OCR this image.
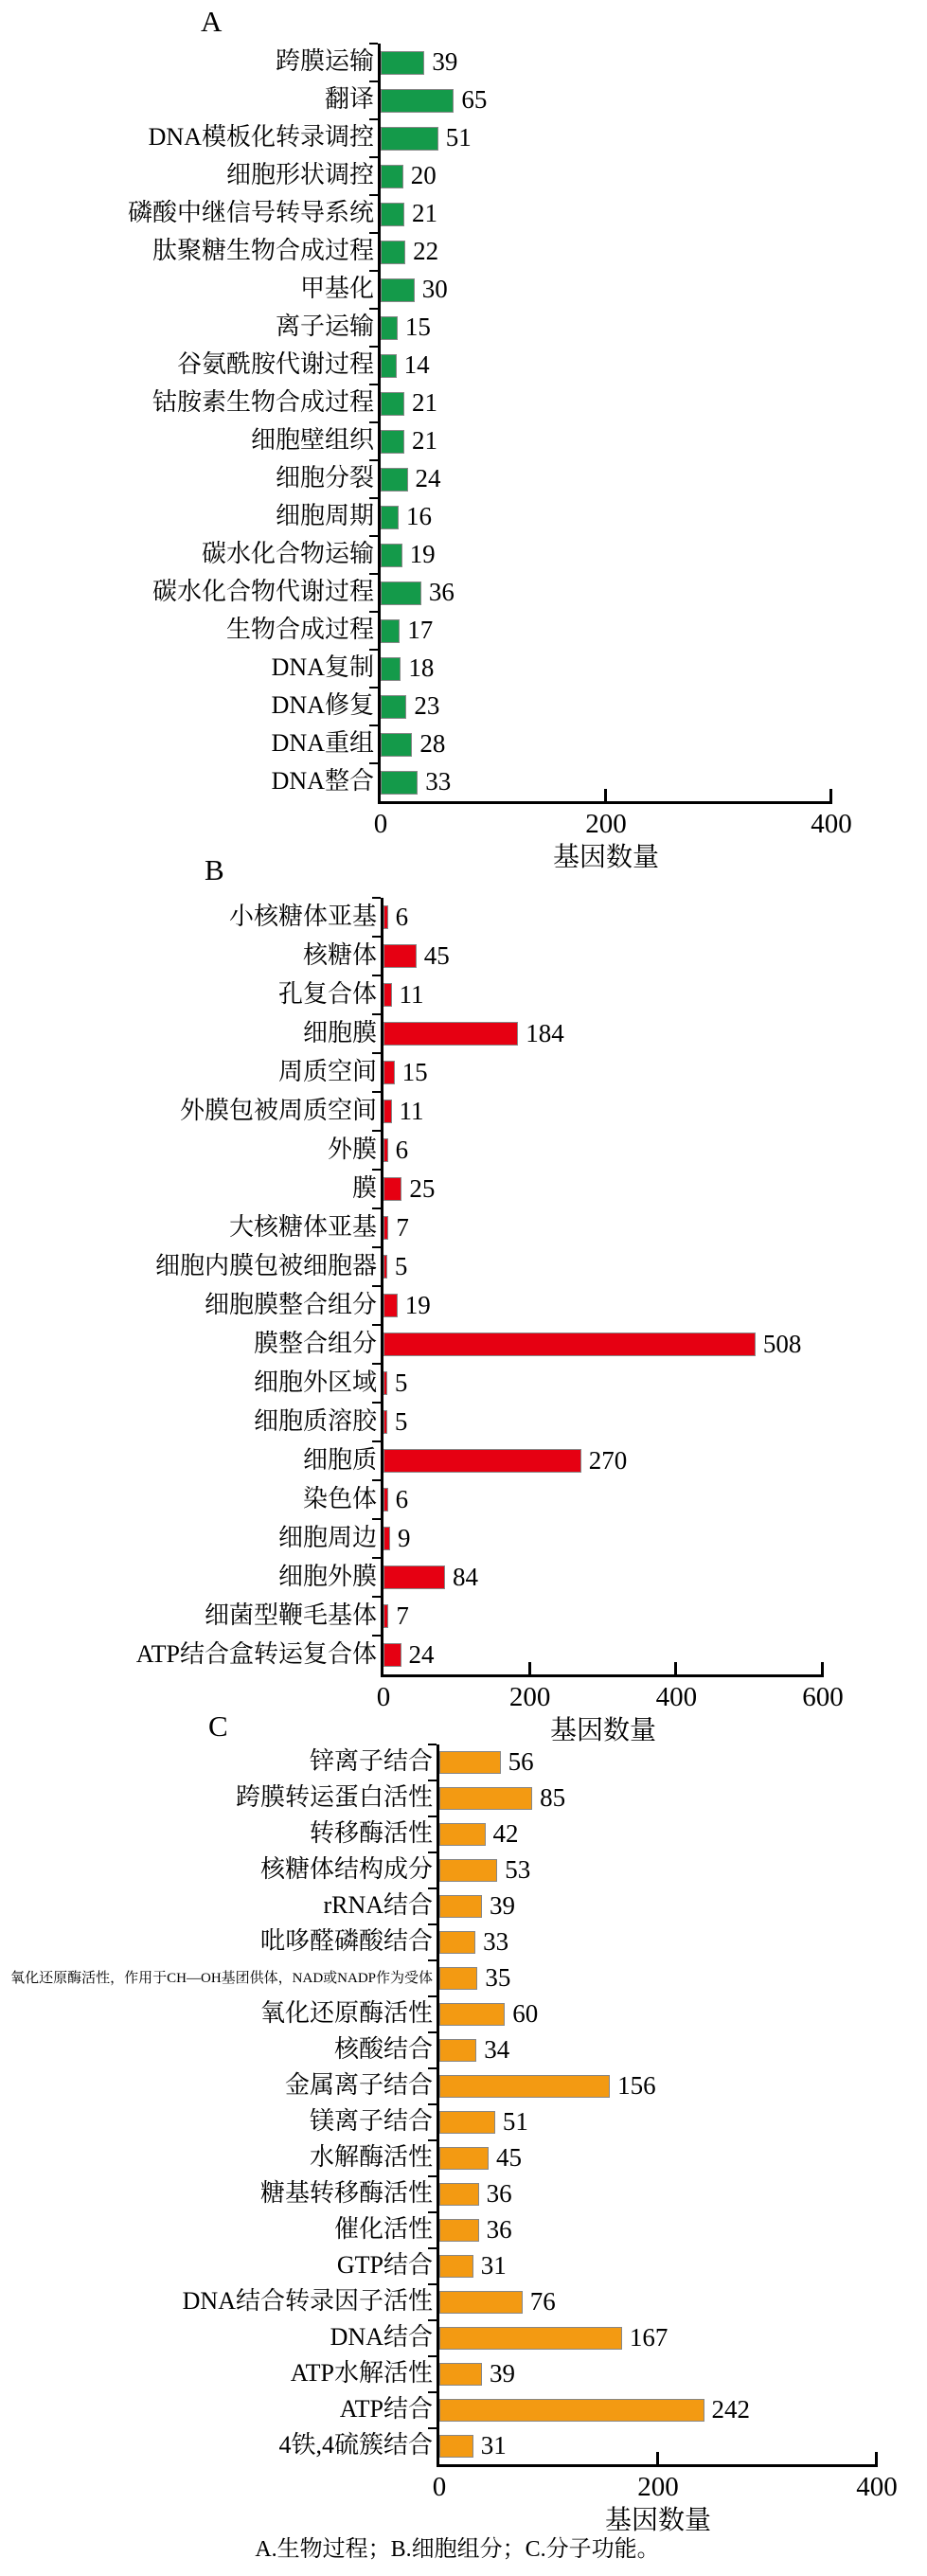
A.生物过程；B.细胞组分；C.分子功能。
A
0	200	400
基因数量
跨膜运输 39
翻译	65
DNA模板化转录调控	51
细胞形状调控 20
磷酸中继信号转导系统 21
肽聚糖生物合成过程 22
甲基化 30
离子运输 15
谷氨酰胺代谢过程 14
钴胺素生物合成过程 21
细胞壁组织 21
细胞分裂 24
细胞周期 16
碳水化合物运输 19
碳水化合物代谢过程 36
生物合成过程 17
DNA复制 18
DNA修复 23
DNA重组 28
DNA整合 33
B
0	200	400	600
基因数量
小核糖体亚基 6
核糖体 45
孔复合体 11
细胞膜	184
周质空间 15
外膜包被周质空间 11
外膜 6
膜 25
大核糖体亚基 7
细胞内膜包被细胞器 5
细胞膜整合组分 19
膜整合组分	508
细胞外区域 5
细胞质溶胶 5
细胞质	270
染色体 6
细胞周边 9
细胞外膜	84
细菌型鞭毛基体 7
ATP结合盒转运复合体 24
C
0	200	400
基因数量
锌离子结合	56
跨膜转运蛋白活性	85
转移酶活性 42
核糖体结构成分	53
rRNA结合 39
吡哆醛磷酸结合 33
氧化还原酶活性，作用于CH—OH基团供体，NAD或NADP作为受体 35
氧化还原酶活性	60
核酸结合 34
金属离子结合	156
镁离子结合	51
水解酶活性 45
糖基转移酶活性 36
催化活性 36
GTP结合 31
DNA结合转录因子活性	76
DNA结合	167
ATP水解活性 39
ATP结合	242
4铁,4硫簇结合 31
